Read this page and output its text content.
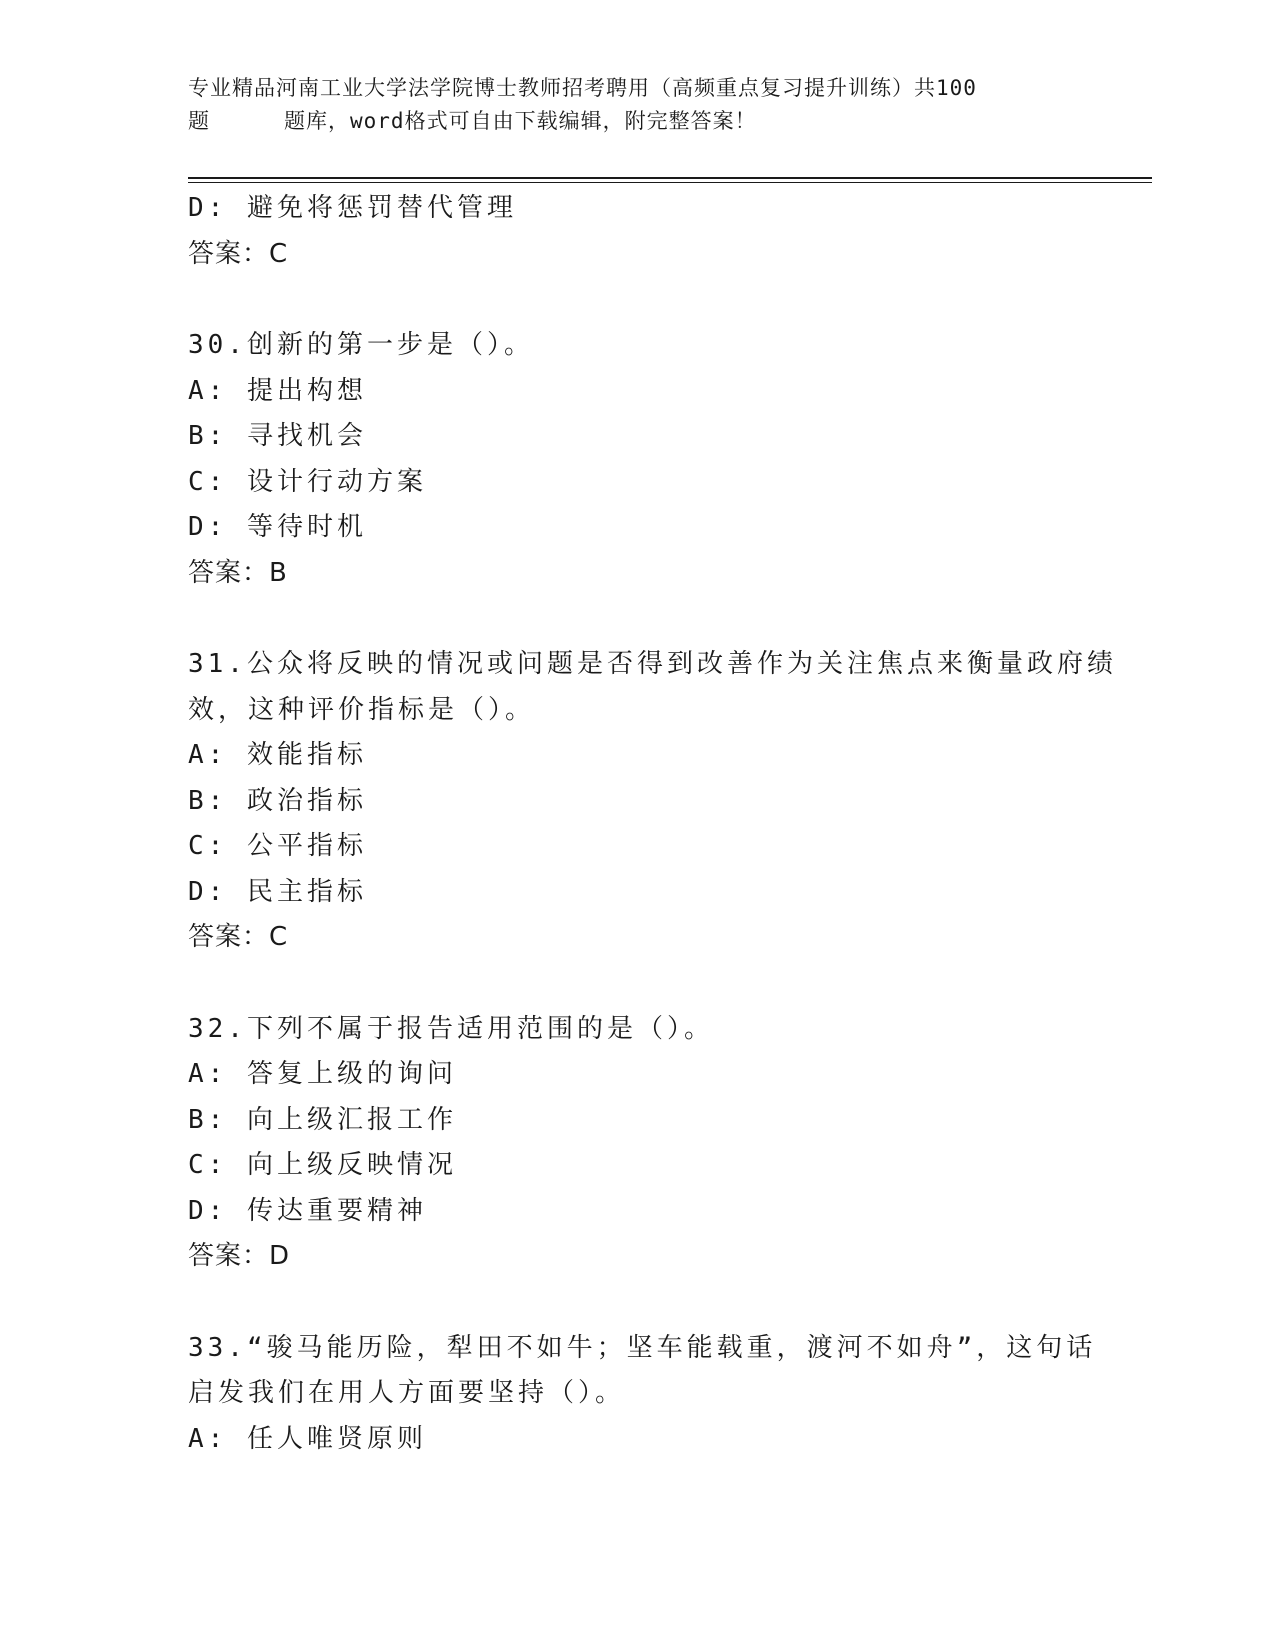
专业精品河南工业大学法学院博士教师招考聘用（高频重点复习提升训练）共100
题	题库，word格式可自由下载编辑，附完整答案！
D: 避免将惩罚替代管理
答案：C
30.创新的第一步是（）。
A: 提出构想
B: 寻找机会
C: 设计行动方案
D: 等待时机
答案：B
31.公众将反映的情况或问题是否得到改善作为关注焦点来衡量政府绩
效，这种评价指标是（）。
A: 效能指标
B: 政治指标
C: 公平指标
D: 民主指标
答案：C
32.下列不属于报告适用范围的是（）。
A: 答复上级的询问
B: 向上级汇报工作
C: 向上级反映情况
D: 传达重要精神
答案：D
33.“骏马能历险，犁田不如牛；坚车能载重，渡河不如舟”，这句话
启发我们在用人方面要坚持（）。
A: 任人唯贤原则
